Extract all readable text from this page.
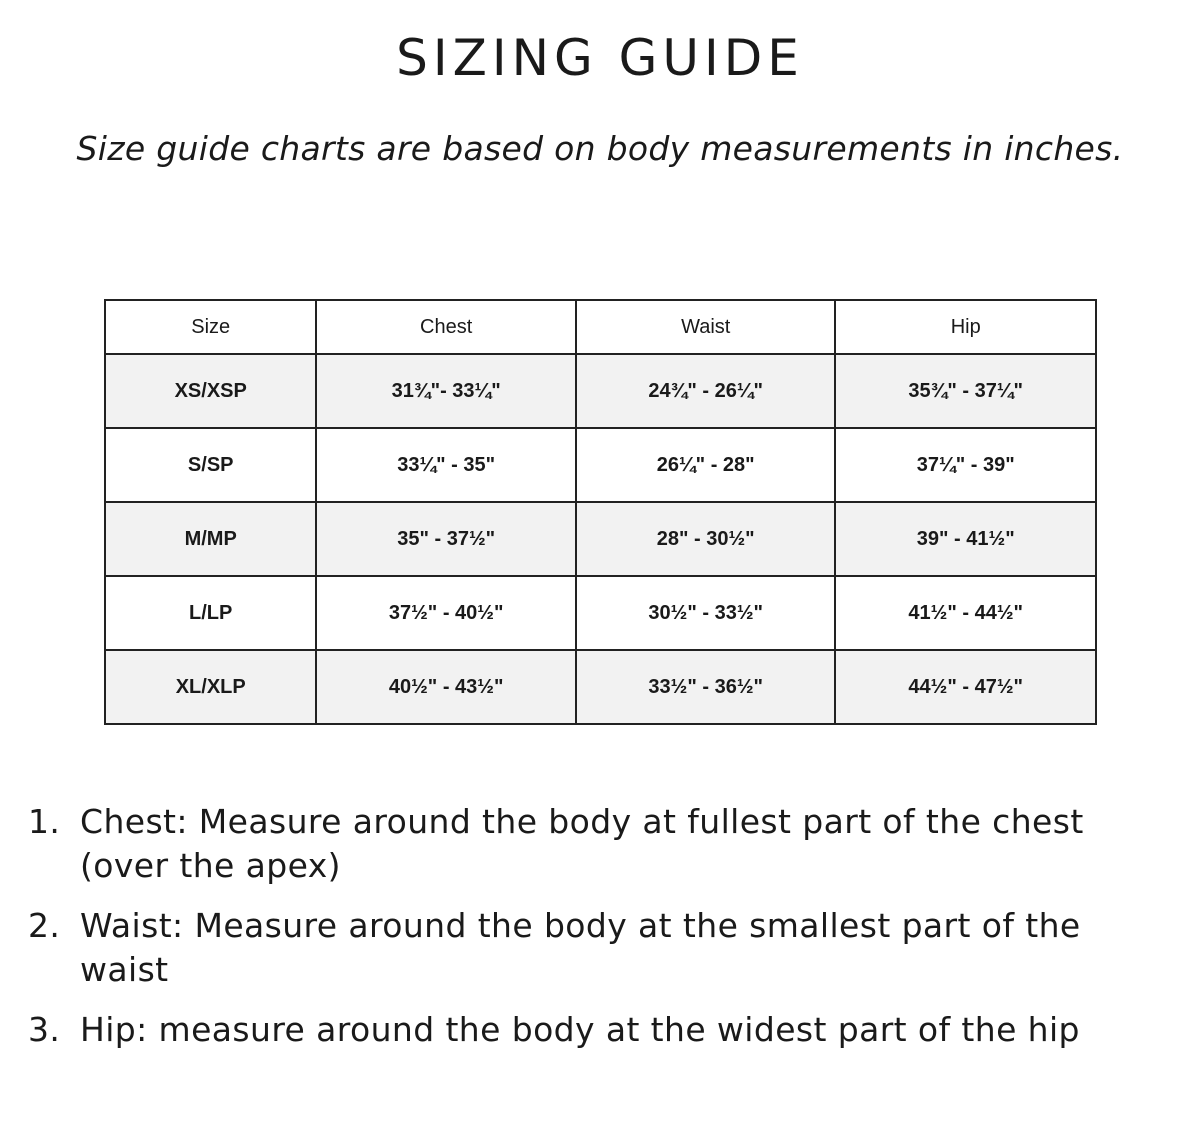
SIZING GUIDE

Size guide charts are based on body measurements in inches.

Size	Chest	Waist	Hip
XS/XSP	31¾"- 33¼"	24¾" - 26¼"	35¾" - 37¼"
S/SP	33¼" - 35"	26¼" - 28"	37¼" - 39"
M/MP	35" - 37½"	28" - 30½"	39" - 41½"
L/LP	37½" - 40½"	30½" - 33½"	41½" - 44½"
XL/XLP	40½" - 43½"	33½" - 36½"	44½" - 47½"
1. Chest: Measure around the body at fullest part of the chest (over the apex)
2. Waist: Measure around the body at the smallest part of the waist
3. Hip: measure around the body at the widest part of the hip
